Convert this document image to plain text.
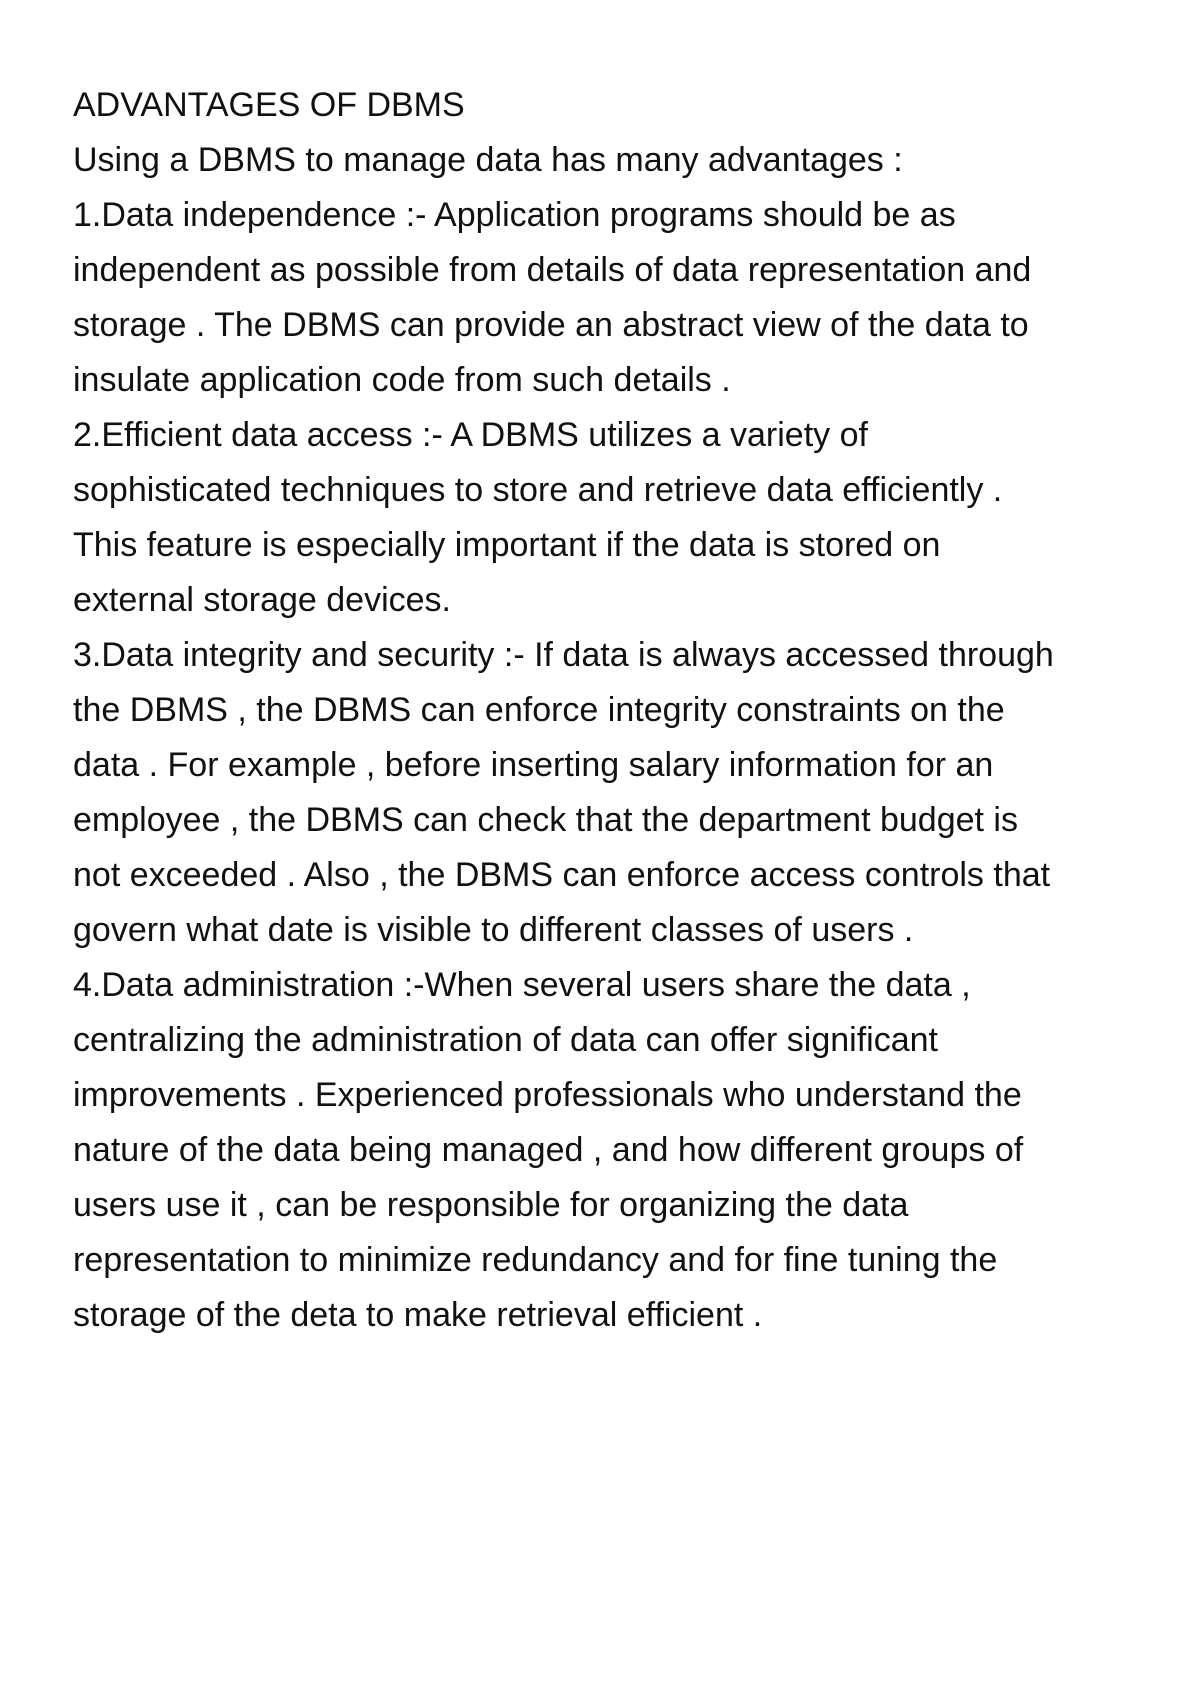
ADVANTAGES OF DBMS

Using a DBMS to manage data has many advantages :

1.Data independence :- Application programs should be as
independent as possible from details of data representation and
storage . The DBMS can provide an abstract view of the data to
insulate application code from such details .

2.Efficient data access :- A DBMS utilizes a variety of
sophisticated techniques to store and retrieve data efficiently .
This feature is especially important if the data is stored on
external storage devices.

3.Data integrity and security :- If data is always accessed through
the DBMS , the DBMS can enforce integrity constraints on the
data . For example , before inserting salary information for an
employee , the DBMS can check that the department budget is
not exceeded . Also , the DBMS can enforce access controls that
govern what date is visible to different classes of users .

4.Data administration :-When several users share the data ,
centralizing the administration of data can offer significant
improvements . Experienced professionals who understand the
nature of the data being managed , and how different groups of
users use it , can be responsible for organizing the data
representation to minimize redundancy and for fine tuning the
storage of the deta to make retrieval efficient .
